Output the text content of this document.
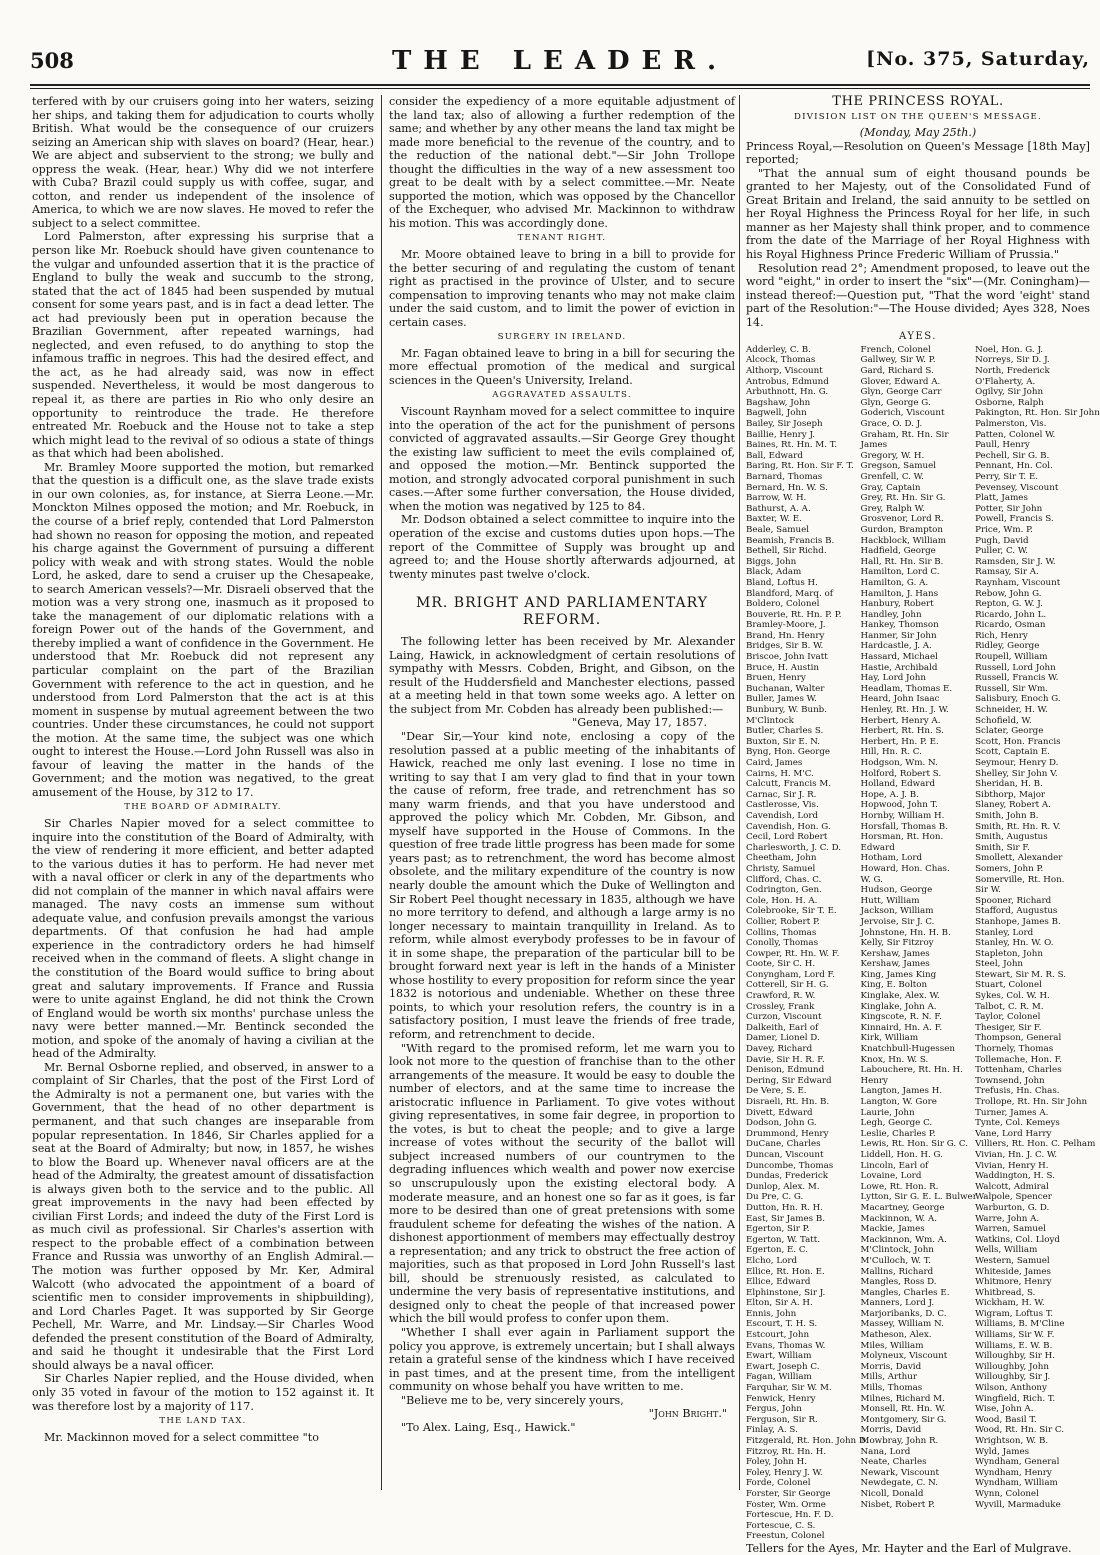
508	THE LEADER.	[No. 375, Saturday,

terfered with by our cruisers going into her waters, seizing her ships, and taking them for adjudication to courts wholly British. What would be the consequence of our cruizers seizing an American ship with slaves on board? (Hear, hear.) We are abject and subservient to the strong; we bully and oppress the weak. (Hear, hear.) Why did we not interfere with Cuba? Brazil could supply us with coffee, sugar, and cotton, and render us independent of the insolence of America, to which we are now slaves. He moved to refer the subject to a select committee.

Lord Palmerston, after expressing his surprise that a person like Mr. Roebuck should have given countenance to the vulgar and unfounded assertion that it is the practice of England to bully the weak and succumb to the strong, stated that the act of 1845 had been suspended by mutual consent for some years past, and is in fact a dead letter. The act had previously been put in operation because the Brazilian Government, after repeated warnings, had neglected, and even refused, to do anything to stop the infamous traffic in negroes. This had the desired effect, and the act, as he had already said, was now in effect suspended. Nevertheless, it would be most dangerous to repeal it, as there are parties in Rio who only desire an opportunity to reintroduce the trade. He therefore entreated Mr. Roebuck and the House not to take a step which might lead to the revival of so odious a state of things as that which had been abolished.

Mr. Bramley Moore supported the motion, but remarked that the question is a difficult one, as the slave trade exists in our own colonies, as, for instance, at Sierra Leone.—Mr. Monckton Milnes opposed the motion; and Mr. Roebuck, in the course of a brief reply, contended that Lord Palmerston had shown no reason for opposing the motion, and repeated his charge against the Government of pursuing a different policy with weak and with strong states. Would the noble Lord, he asked, dare to send a cruiser up the Chesapeake, to search American vessels?—Mr. Disraeli observed that the motion was a very strong one, inasmuch as it proposed to take the management of our diplomatic relations with a foreign Power out of the hands of the Government, and thereby implied a want of confidence in the Government. He understood that Mr. Roebuck did not represent any particular complaint on the part of the Brazilian Government with reference to the act in question, and he understood from Lord Palmerston that the act is at this moment in suspense by mutual agreement between the two countries. Under these circumstances, he could not support the motion. At the same time, the subject was one which ought to interest the House.—Lord John Russell was also in favour of leaving the matter in the hands of the Government; and the motion was negatived, to the great amusement of the House, by 312 to 17.

THE BOARD OF ADMIRALTY.

Sir Charles Napier moved for a select committee to inquire into the constitution of the Board of Admiralty, with the view of rendering it more efficient, and better adapted to the various duties it has to perform. He had never met with a naval officer or clerk in any of the departments who did not complain of the manner in which naval affairs were managed. The navy costs an immense sum without adequate value, and confusion prevails amongst the various departments. Of that confusion he had had ample experience in the contradictory orders he had himself received when in the command of fleets. A slight change in the constitution of the Board would suffice to bring about great and salutary improvements. If France and Russia were to unite against England, he did not think the Crown of England would be worth six months' purchase unless the navy were better manned.—Mr. Bentinck seconded the motion, and spoke of the anomaly of having a civilian at the head of the Admiralty.

Mr. Bernal Osborne replied, and observed, in answer to a complaint of Sir Charles, that the post of the First Lord of the Admiralty is not a permanent one, but varies with the Government, that the head of no other department is permanent, and that such changes are inseparable from popular representation. In 1846, Sir Charles applied for a seat at the Board of Admiralty; but now, in 1857, he wishes to blow the Board up. Whenever naval officers are at the head of the Admiralty, the greatest amount of dissatisfaction is always given both to the service and to the public. All great improvements in the navy had been effected by civilian First Lords; and indeed the duty of the First Lord is as much civil as professional. Sir Charles's assertion with respect to the probable effect of a combination between France and Russia was unworthy of an English Admiral.—The motion was further opposed by Mr. Ker, Admiral Walcott (who advocated the appointment of a board of scientific men to consider improvements in shipbuilding), and Lord Charles Paget. It was supported by Sir George Pechell, Mr. Warre, and Mr. Lindsay.—Sir Charles Wood defended the present constitution of the Board of Admiralty, and said he thought it undesirable that the First Lord should always be a naval officer.

Sir Charles Napier replied, and the House divided, when only 35 voted in favour of the motion to 152 against it. It was therefore lost by a majority of 117.

THE LAND TAX.

Mr. Mackinnon moved for a select committee "to

consider the expediency of a more equitable adjustment of the land tax; also of allowing a further redemption of the same; and whether by any other means the land tax might be made more beneficial to the revenue of the country, and to the reduction of the national debt."—Sir John Trollope thought the difficulties in the way of a new assessment too great to be dealt with by a select committee.—Mr. Neate supported the motion, which was opposed by the Chancellor of the Exchequer, who advised Mr. Mackinnon to withdraw his motion. This was accordingly done.

TENANT RIGHT.

Mr. Moore obtained leave to bring in a bill to provide for the better securing of and regulating the custom of tenant right as practised in the province of Ulster, and to secure compensation to improving tenants who may not make claim under the said custom, and to limit the power of eviction in certain cases.

SURGERY IN IRELAND.

Mr. Fagan obtained leave to bring in a bill for securing the more effectual promotion of the medical and surgical sciences in the Queen's University, Ireland.

AGGRAVATED ASSAULTS.

Viscount Raynham moved for a select committee to inquire into the operation of the act for the punishment of persons convicted of aggravated assaults.—Sir George Grey thought the existing law sufficient to meet the evils complained of, and opposed the motion.—Mr. Bentinck supported the motion, and strongly advocated corporal punishment in such cases.—After some further conversation, the House divided, when the motion was negatived by 125 to 84.

Mr. Dodson obtained a select committee to inquire into the operation of the excise and customs duties upon hops.—The report of the Committee of Supply was brought up and agreed to; and the House shortly afterwards adjourned, at twenty minutes past twelve o'clock.

MR. BRIGHT AND PARLIAMENTARY REFORM.

The following letter has been received by Mr. Alexander Laing, Hawick, in acknowledgment of certain resolutions of sympathy with Messrs. Cobden, Bright, and Gibson, on the result of the Huddersfield and Manchester elections, passed at a meeting held in that town some weeks ago. A letter on the subject from Mr. Cobden has already been published:—

"Geneva, May 17, 1857.

"Dear Sir,—Your kind note, enclosing a copy of the resolution passed at a public meeting of the inhabitants of Hawick, reached me only last evening. I lose no time in writing to say that I am very glad to find that in your town the cause of reform, free trade, and retrenchment has so many warm friends, and that you have understood and approved the policy which Mr. Cobden, Mr. Gibson, and myself have supported in the House of Commons. In the question of free trade little progress has been made for some years past; as to retrenchment, the word has become almost obsolete, and the military expenditure of the country is now nearly double the amount which the Duke of Wellington and Sir Robert Peel thought necessary in 1835, although we have no more territory to defend, and although a large army is no longer necessary to maintain tranquillity in Ireland. As to reform, while almost everybody professes to be in favour of it in some shape, the preparation of the particular bill to be brought forward next year is left in the hands of a Minister whose hostility to every proposition for reform since the year 1832 is notorious and undeniable. Whether on these three points, to which your resolution refers, the country is in a satisfactory position, I must leave the friends of free trade, reform, and retrenchment to decide.

"With regard to the promised reform, let me warn you to look not more to the question of franchise than to the other arrangements of the measure. It would be easy to double the number of electors, and at the same time to increase the aristocratic influence in Parliament. To give votes without giving representatives, in some fair degree, in proportion to the votes, is but to cheat the people; and to give a large increase of votes without the security of the ballot will subject increased numbers of our countrymen to the degrading influences which wealth and power now exercise so unscrupulously upon the existing electoral body. A moderate measure, and an honest one so far as it goes, is far more to be desired than one of great pretensions with some fraudulent scheme for defeating the wishes of the nation. A dishonest apportionment of members may effectually destroy a representation; and any trick to obstruct the free action of majorities, such as that proposed in Lord John Russell's last bill, should be strenuously resisted, as calculated to undermine the very basis of representative institutions, and designed only to cheat the people of that increased power which the bill would profess to confer upon them.

"Whether I shall ever again in Parliament support the policy you approve, is extremely uncertain; but I shall always retain a grateful sense of the kindness which I have received in past times, and at the present time, from the intelligent community on whose behalf you have written to me.

"Believe me to be, very sincerely yours,

"John Bright."

"To Alex. Laing, Esq., Hawick."

THE PRINCESS ROYAL.
DIVISION LIST ON THE QUEEN'S MESSAGE.

(Monday, May 25th.)

Princess Royal,—Resolution on Queen's Message [18th May] reported;

"That the annual sum of eight thousand pounds be granted to her Majesty, out of the Consolidated Fund of Great Britain and Ireland, the said annuity to be settled on her Royal Highness the Princess Royal for her life, in such manner as her Majesty shall think proper, and to commence from the date of the Marriage of her Royal Highness with his Royal Highness Prince Frederic William of Prussia."

Resolution read 2°; Amendment proposed, to leave out the word "eight," in order to insert the "six"—(Mr. Coningham)—instead thereof:—Question put, "That the word 'eight' stand part of the Resolution:"—The House divided; Ayes 328, Noes 14.

AYES.
Adderley, C. B.	French, Colonel	Noel, Hon. G. J.
Alcock, Thomas	Gallwey, Sir W. P.	Norreys, Sir D. J.
Althorp, Viscount	Gard, Richard S.	North, Frederick
Antrobus, Edmund	Glover, Edward A.	O'Flaherty, A.
Arbuthnott, Hn. G.	Glyn, George Carr	Ogilvy, Sir John
Bagshaw, John	Glyn, George G.	Osborne, Ralph
Bagwell, John	Goderich, Viscount	Pakington, Rt. Hon. Sir John
Bailey, Sir Joseph	Grace, O. D. J.	Palmerston, Vis.
Baillie, Henry J.	Graham, Rt. Hn. Sir	Patten, Colonel W.
Baines, Rt. Hn. M. T.	James	Paull, Henry
Ball, Edward	Gregory, W. H.	Pechell, Sir G. B.
Baring, Rt. Hon. Sir F. T.	Gregson, Samuel	Pennant, Hn. Col.
Barnard, Thomas	Grenfell, C. W.	Perry, Sir T. E.
Bernard, Hn. W. S.	Gray, Captain	Pevensey, Viscount
Barrow, W. H.	Grey, Rt. Hn. Sir G.	Platt, James
Bathurst, A. A.	Grey, Ralph W.	Potter, Sir John
Baxter, W. E.	Grosvenor, Lord R.	Powell, Francis S.
Beale, Samuel	Gurdon, Brampton	Price, Wm. P.
Beamish, Francis B.	Hackblock, William	Pugh, David
Bethell, Sir Richd.	Hadfield, George	Puller, C. W.
Biggs, John	Hall, Rt. Hn. Sir B.	Ramsden, Sir J. W.
Black, Adam	Hamilton, Lord C.	Ramsay, Sir A.
Bland, Loftus H.	Hamilton, G. A.	Raynham, Viscount
Blandford, Marq. of	Hamilton, J. Hans	Rebow, John G.
Boldero, Colonel	Hanbury, Robert	Repton, G. W. J.
Bouverie, Rt. Hn. P. P.	Handley, John	Ricardo, John L.
Bramley-Moore, J.	Hankey, Thomson	Ricardo, Osman
Brand, Hn. Henry	Hanmer, Sir John	Rich, Henry
Bridges, Sir B. W.	Hardcastle, J. A.	Ridley, George
Briscoe, John Ivatt	Hassard, Michael	Roupell, William
Bruce, H. Austin	Hastie, Archibald	Russell, Lord John
Bruen, Henry	Hay, Lord John	Russell, Francis W.
Buchanan, Walter	Headlam, Thomas E.	Russell, Sir Wm.
Buller, James W.	Heard, John Isaac	Salisbury, Enoch G.
Bunbury, W. Bunb.	Henley, Rt. Hn. J. W.	Schneider, H. W.
M'Clintock	Herbert, Henry A.	Schofield, W.
Butler, Charles S.	Herbert, Rt. Hn. S.	Sclater, George
Buxton, Sir E. N.	Herbert, Hn. P. E.	Scott, Hon. Francis
Byng, Hon. George	Hill, Hn. R. C.	Scott, Captain E.
Caird, James	Hodgson, Wm. N.	Seymour, Henry D.
Cairns, H. M'C.	Holford, Robert S.	Shelley, Sir John V.
Calcutt, Francis M.	Holland, Edward	Sheridan, H. B.
Carnac, Sir J. R.	Hope, A. J. B.	Sibthorp, Major
Castlerosse, Vis.	Hopwood, John T.	Slaney, Robert A.
Cavendish, Lord	Hornby, William H.	Smith, John B.
Cavendish, Hon. G.	Horsfall, Thomas B.	Smith, Rt. Hn. R. V.
Cecil, Lord Robert	Horsman, Rt. Hon.	Smith, Augustus
Charlesworth, J. C. D.	Edward	Smith, Sir F.
Cheetham, John	Hotham, Lord	Smollett, Alexander
Christy, Samuel	Howard, Hon. Chas.	Somers, John P.
Clifford, Chas. C.	W. G.	Somerville, Rt. Hon.
Codrington, Gen.	Hudson, George	Sir W.
Cole, Hon. H. A.	Hutt, William	Spooner, Richard
Colebrooke, Sir T. E.	Jackson, William	Stafford, Augustus
Collier, Robert P.	Jervoise, Sir J. C.	Stanhope, James B.
Collins, Thomas	Johnstone, Hn. H. B.	Stanley, Lord
Conolly, Thomas	Kelly, Sir Fitzroy	Stanley, Hn. W. O.
Cowper, Rt. Hn. W. F.	Kershaw, James	Stapleton, John
Coote, Sir C. H.	Kershaw, James	Steel, John
Conyngham, Lord F.	King, James King	Stewart, Sir M. R. S.
Cotterell, Sir H. G.	King, E. Bolton	Stuart, Colonel
Crawford, R. W.	Kinglake, Alex. W.	Sykes, Col. W. H.
Crossley, Frank	Kinglake, John A.	Talbot, C. R. M.
Curzon, Viscount	Kingscote, R. N. F.	Taylor, Colonel
Dalkeith, Earl of	Kinnaird, Hn. A. F.	Thesiger, Sir F.
Damer, Lionel D.	Kirk, William	Thompson, General
Davey, Richard	Knatchbull-Hugessen	Thornely, Thomas
Davie, Sir H. R. F.	Knox, Hn. W. S.	Tollemache, Hon. F.
Denison, Edmund	Labouchere, Rt. Hn. H.	Tottenham, Charles
Dering, Sir Edward	Henry	Townsend, John
De Vere, S. E.	Langton, James H.	Trefusis, Hn. Chas.
Disraeli, Rt. Hn. B.	Langton, W. Gore	Trollope, Rt. Hn. Sir John
Divett, Edward	Laurie, John	Turner, James A.
Dodson, John G.	Legh, George C.	Tynte, Col. Kemeys
Drummond, Henry	Leslie, Charles P.	Vane, Lord Harry
DuCane, Charles	Lewis, Rt. Hon. Sir G. C.	Villiers, Rt. Hon. C. Pelham
Duncan, Viscount	Liddell, Hon. H. G.	Vivian, Hn. J. C. W.
Duncombe, Thomas	Lincoln, Earl of	Vivian, Henry H.
Dundas, Frederick	Lovaine, Lord	Waddington, H. S.
Dunlop, Alex. M.	Lowe, Rt. Hon. R.	Walcott, Admiral
Du Pre, C. G.	Lytton, Sir G. E. L. Bulwer	Walpole, Spencer
Dutton, Hn. R. H.	Macartney, George	Warburton, G. D.
East, Sir James B.	Mackinnon, W. A.	Warre, John A.
Egerton, Sir P.	Mackie, James	Warren, Samuel
Egerton, W. Tatt.	Mackinnon, Wm. A.	Watkins, Col. Lloyd
Egerton, E. C.	M'Clintock, John	Wells, William
Elcho, Lord	M'Culloch, W. T.	Western, Samuel
Ellice, Rt. Hon. E.	Mallins, Richard	Whiteside, James
Ellice, Edward	Mangles, Ross D.	Whitmore, Henry
Elphinstone, Sir J.	Mangles, Charles E.	Whitbread, S.
Elton, Sir A. H.	Manners, Lord J.	Wickham, H. W.
Ennis, John	Marjoribanks, D. C.	Wigram, Loftus T.
Escourt, T. H. S.	Massey, William N.	Williams, B. M'Cline
Estcourt, John	Matheson, Alex.	Williams, Sir W. F.
Evans, Thomas W.	Miles, William	Williams, E. W. B.
Ewart, William	Molyneux, Viscount	Willoughby, Sir H.
Ewart, Joseph C.	Morris, David	Willoughby, John
Fagan, William	Mills, Arthur	Willoughby, Sir J.
Farquhar, Sir W. M.	Mills, Thomas	Wilson, Anthony
Fenwick, Henry	Milnes, Richard M.	Wingfield, Rich. T.
Fergus, John	Monsell, Rt. Hn. W.	Wise, John A.
Ferguson, Sir R.	Montgomery, Sir G.	Wood, Basil T.
Finlay, A. S.	Morris, David	Wood, Rt. Hn. Sir C.
Fitzgerald, Rt. Hon. John D.	Mowbray, John R.	Wrightson, W. B.
Fitzroy, Rt. Hn. H.	Nana, Lord	Wyld, James
Foley, John H.	Neate, Charles	Wyndham, General
Foley, Henry J. W.	Newark, Viscount	Wyndham, Henry
Forde, Colonel	Newdegate, C. N.	Wyndham, William
Forster, Sir George	Nicoll, Donald	Wynn, Colonel
Foster, Wm. Orme	Nisbet, Robert P.	Wyvill, Marmaduke
Fortescue, Hn. F. D.		
Fortescue, C. S.		
Freestun, Colonel		

Tellers for the Ayes, Mr. Hayter and the Earl of Mulgrave.
